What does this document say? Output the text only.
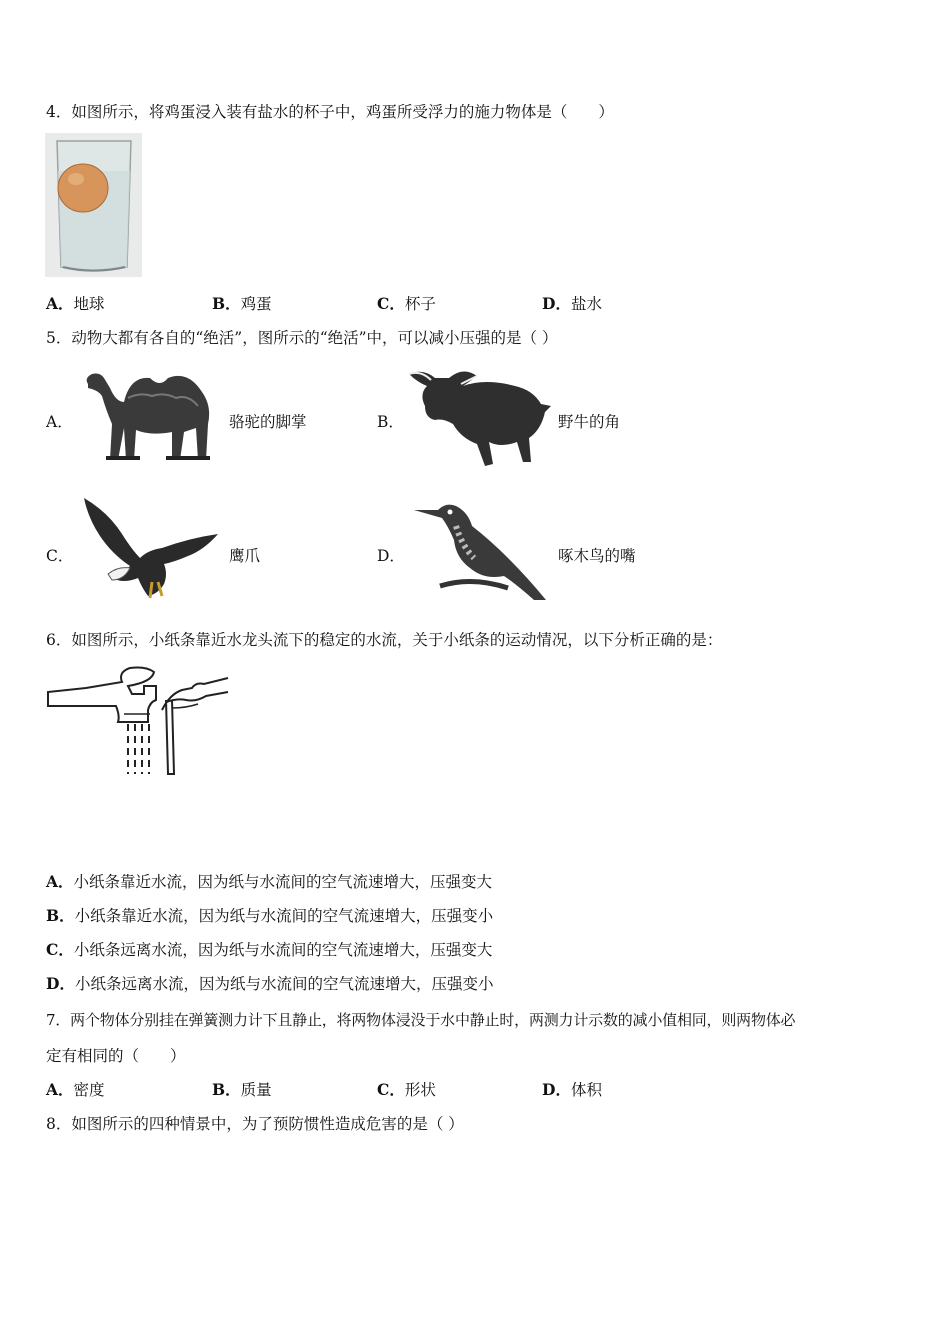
4．如图所示，将鸡蛋浸入装有盐水的杯子中，鸡蛋所受浮力的施力物体是（　　）
A．地球	B．鸡蛋	C．杯子	D．盐水
5．动物大都有各自的“绝活”，图所示的“绝活”中，可以减小压强的是（ ）
A．	骆驼的脚掌	B．	野牛的角
C．	鹰爪	D．	啄木鸟的嘴
6．如图所示，小纸条靠近水龙头流下的稳定的水流，关于小纸条的运动情况，以下分析正确的是：
A．小纸条靠近水流，因为纸与水流间的空气流速增大，压强变大
B．小纸条靠近水流，因为纸与水流间的空气流速增大，压强变小
C．小纸条远离水流，因为纸与水流间的空气流速增大，压强变大
D．小纸条远离水流，因为纸与水流间的空气流速增大，压强变小
7．两个物体分别挂在弹簧测力计下且静止，将两物体浸没于水中静止时，两测力计示数的减小值相同，则两物体必
定有相同的（　　）
A．密度	B．质量	C．形状	D．体积
8．如图所示的四种情景中，为了预防惯性造成危害的是（ ）
